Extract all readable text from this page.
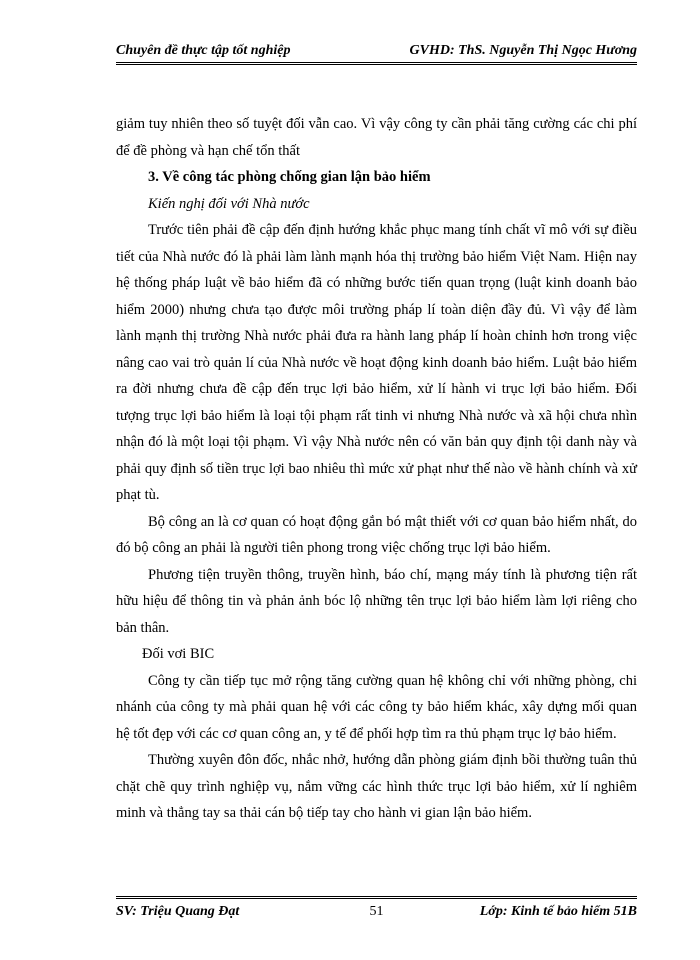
Chuyên đề thực tập tốt nghiệp	GVHD: ThS. Nguyễn Thị Ngọc Hương

giảm tuy nhiên theo số tuyệt đối vẫn cao. Vì vậy công ty cần phải tăng cường các chi phí để đề phòng và hạn chế tổn thất

3. Về công tác phòng chống gian lận bảo hiểm

Kiến nghị đối với Nhà nước

Trước tiên phải đề cập đến định hướng khắc phục mang tính chất vĩ mô với sự điều tiết của Nhà nước đó là phải làm lành mạnh hóa thị trường bảo hiểm Việt Nam. Hiện nay hệ thống pháp luật về bảo hiểm đã có những bước tiến quan trọng (luật kinh doanh bảo hiểm 2000) nhưng chưa tạo được môi trường pháp lí toàn diện đầy đủ. Vì vậy để làm lành mạnh thị trường Nhà nước phải đưa ra hành lang pháp lí hoàn chỉnh hơn trong việc nâng cao vai trò quản lí của Nhà nước về hoạt động kinh doanh bảo hiểm. Luật bảo hiểm ra đời nhưng chưa đề cập đến trục lợi bảo hiểm, xử lí hành vi trục lợi bảo hiểm. Đối tượng trục lợi bảo hiểm là loại tội phạm rất tinh vi nhưng Nhà nước và xã hội chưa nhìn nhận đó là một loại tội phạm. Vì vậy Nhà nước nên có văn bản quy định tội danh này và phải quy định số tiền trục lợi bao nhiêu thì mức xử phạt như thế nào về hành chính và xử phạt tù.

Bộ công an là cơ quan có hoạt động gắn bó mật thiết với cơ quan bảo hiểm nhất, do đó bộ công an phải là người tiên phong trong việc chống trục lợi bảo hiểm.

Phương tiện truyền thông, truyền hình, báo chí, mạng máy tính là phương tiện rất hữu hiệu để thông tin và phản ảnh bóc lộ những tên trục lợi bảo hiểm làm lợi riêng cho bản thân.

Đối vơi BIC

Công ty cần tiếp tục mở rộng tăng cường quan hệ không chỉ với những phòng, chi nhánh của công ty mà phải quan hệ với các công ty bảo hiểm khác, xây dựng mối quan hệ tốt đẹp với các cơ quan công an, y tế để phối hợp tìm ra thủ phạm trục lợ bảo hiểm.

Thường xuyên đôn đốc, nhắc nhở, hướng dẫn phòng giám định bồi thường tuân thủ chặt chẽ quy trình nghiệp vụ, nắm vững các hình thức trục lợi bảo hiểm, xử lí nghiêm minh và thẳng tay sa thải cán bộ tiếp tay cho hành vi gian lận bảo hiểm.

SV: Triệu Quang Đạt	51	Lớp: Kinh tế bảo hiểm 51B
